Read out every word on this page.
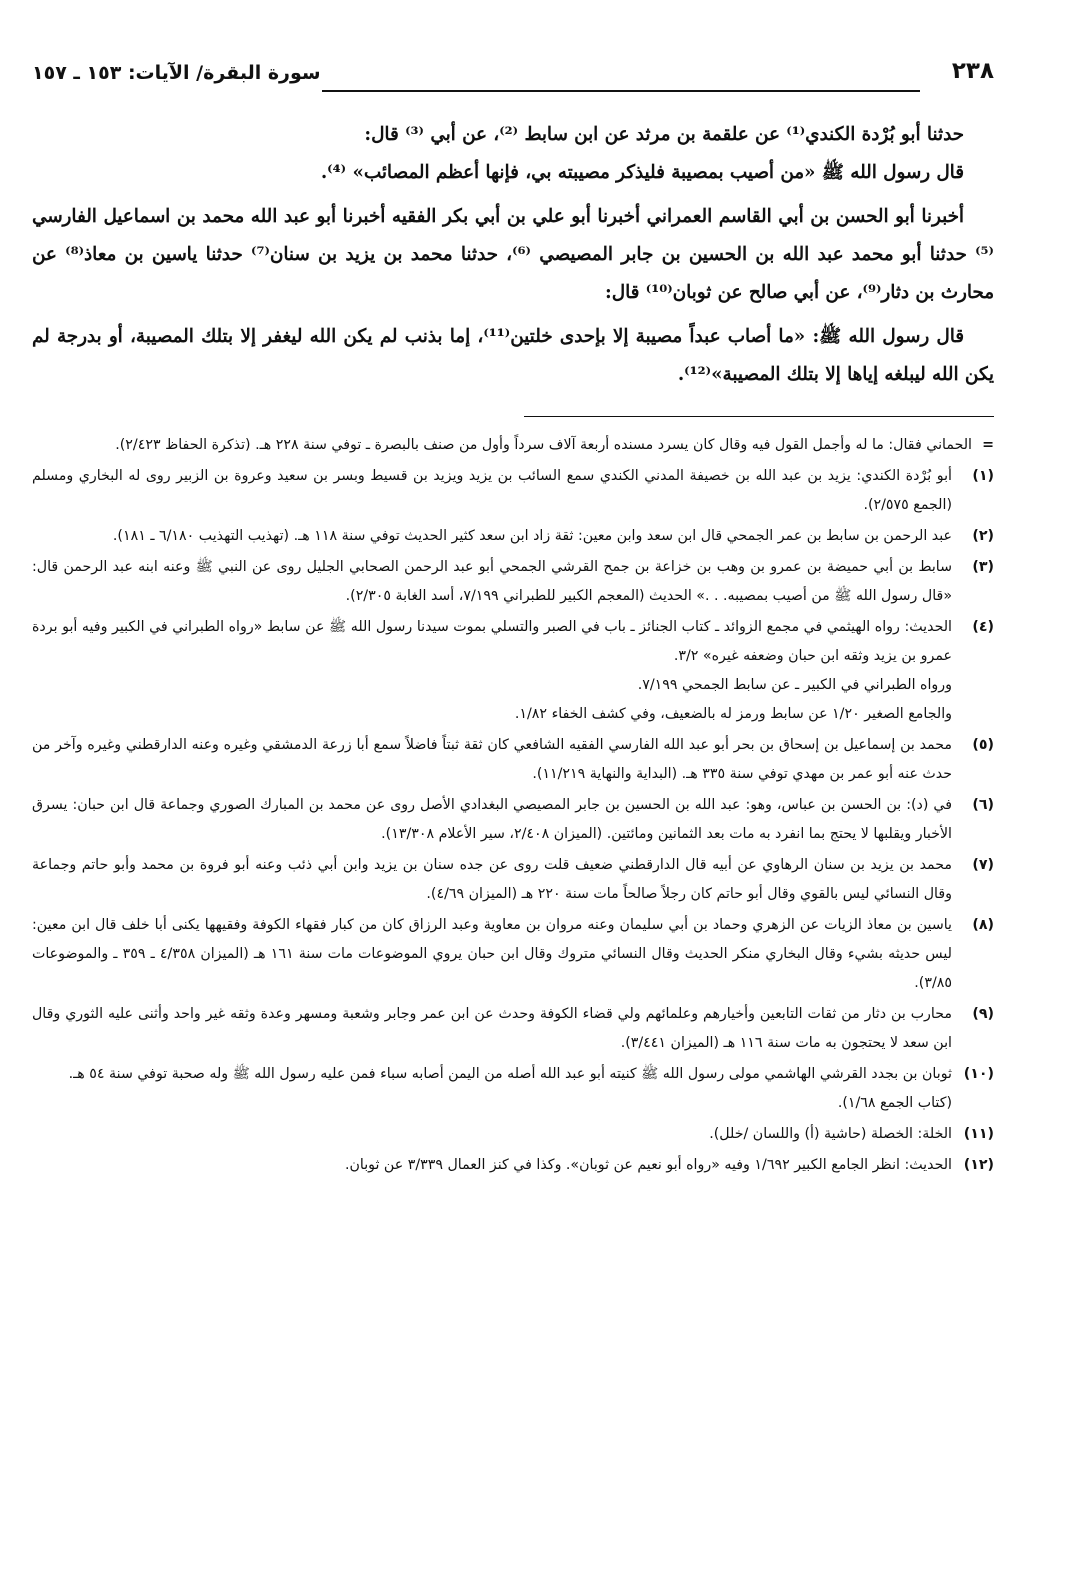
٢٣٨
سورة البقرة/ الآيات: ١٥٣ ـ ١٥٧

حدثنا أبو بُرْدة الكندي⁽¹⁾ عن علقمة بن مرثد عن ابن سابط ⁽²⁾، عن أبي ⁽³⁾ قال:

قال رسول الله ﷺ «من أصيب بمصيبة فليذكر مصيبته بي، فإنها أعظم المصائب» ⁽⁴⁾.

أخبرنا أبو الحسن بن أبي القاسم العمراني أخبرنا أبو علي بن أبي بكر الفقيه أخبرنا أبو عبد الله محمد بن اسماعيل الفارسي ⁽⁵⁾ حدثنا أبو محمد عبد الله بن الحسين بن جابر المصيصي ⁽⁶⁾، حدثنا محمد بن يزيد بن سنان⁽⁷⁾ حدثنا ياسين بن معاذ⁽⁸⁾ عن محارث بن دثار⁽⁹⁾، عن أبي صالح عن ثوبان⁽¹⁰⁾ قال:

قال رسول الله ﷺ: «ما أصاب عبداً مصيبة إلا بإحدى خلتين⁽¹¹⁾، إما بذنب لم يكن الله ليغفر إلا بتلك المصيبة، أو بدرجة لم يكن الله ليبلغه إياها إلا بتلك المصيبة»⁽¹²⁾.

=

الحماني فقال: ما له وأجمل القول فيه وقال كان يسرد مسنده أربعة آلاف سرداً وأول من صنف بالبصرة ـ توفي سنة ٢٢٨ هـ. (تذكرة الحفاظ ٢/٤٢٣).

(١)

أبو بُرْدة الكندي: يزيد بن عبد الله بن خصيفة المدني الكندي سمع السائب بن يزيد ويزيد بن قسيط وبسر بن سعيد وعروة بن الزبير روى له البخاري ومسلم (الجمع ٢/٥٧٥).

(٢)

عبد الرحمن بن سابط بن عمر الجمحي قال ابن سعد وابن معين: ثقة زاد ابن سعد كثير الحديث توفي سنة ١١٨ هـ. (تهذيب التهذيب ٦/١٨٠ ـ ١٨١).

(٣)

سابط بن أبي حميضة بن عمرو بن وهب بن خزاعة بن جمح القرشي الجمحي أبو عبد الرحمن الصحابي الجليل روى عن النبي ﷺ وعنه ابنه عبد الرحمن قال: «قال رسول الله ﷺ من أصيب بمصيبه. . .» الحديث (المعجم الكبير للطبراني ٧/١٩٩، أسد الغابة ٢/٣٠٥).

(٤)

الحديث: رواه الهيثمي في مجمع الزوائد ـ كتاب الجنائز ـ باب في الصبر والتسلي بموت سيدنا رسول الله ﷺ عن سابط «رواه الطبراني في الكبير وفيه أبو بردة عمرو بن يزيد وثقه ابن حبان وضعفه غيره» ٣/٢.

ورواه الطبراني في الكبير ـ عن سابط الجمحي ٧/١٩٩.

والجامع الصغير ١/٢٠ عن سابط ورمز له بالضعيف، وفي كشف الخفاء ١/٨٢.

(٥)

محمد بن إسماعيل بن إسحاق بن بحر أبو عبد الله الفارسي الفقيه الشافعي كان ثقة ثبتاً فاضلاً سمع أبا زرعة الدمشقي وغيره وعنه الدارقطني وغيره وآخر من حدث عنه أبو عمر بن مهدي توفي سنة ٣٣٥ هـ. (البداية والنهاية ١١/٢١٩).

(٦)

في (د): بن الحسن بن عباس، وهو: عبد الله بن الحسين بن جابر المصيصي البغدادي الأصل روى عن محمد بن المبارك الصوري وجماعة قال ابن حبان: يسرق الأخبار ويقلبها لا يحتج بما انفرد به مات بعد الثمانين ومائتين. (الميزان ٢/٤٠٨، سير الأعلام ١٣/٣٠٨).

(٧)

محمد بن يزيد بن سنان الرهاوي عن أبيه قال الدارقطني ضعيف قلت روى عن جده سنان بن يزيد وابن أبي ذئب وعنه أبو فروة بن محمد وأبو حاتم وجماعة وقال النسائي ليس بالقوي وقال أبو حاتم كان رجلاً صالحاً مات سنة ٢٢٠ هـ (الميزان ٤/٦٩).

(٨)

ياسين بن معاذ الزيات عن الزهري وحماد بن أبي سليمان وعنه مروان بن معاوية وعبد الرزاق كان من كبار فقهاء الكوفة وفقيهها يكنى أبا خلف قال ابن معين: ليس حديثه بشيء وقال البخاري منكر الحديث وقال النسائي متروك وقال ابن حبان يروي الموضوعات مات سنة ١٦١ هـ (الميزان ٤/٣٥٨ ـ ٣٥٩ ـ والموضوعات ٣/٨٥).

(٩)

محارب بن دثار من ثقات التابعين وأخيارهم وعلمائهم ولي قضاء الكوفة وحدث عن ابن عمر وجابر وشعبة ومسهر وعدة وثقه غير واحد وأثنى عليه الثوري وقال ابن سعد لا يحتجون به مات سنة ١١٦ هـ (الميزان ٣/٤٤١).

(١٠)

ثوبان بن بجدد القرشي الهاشمي مولى رسول الله ﷺ كنيته أبو عبد الله أصله من اليمن أصابه سباء فمن عليه رسول الله ﷺ وله صحبة توفي سنة ٥٤ هـ.

(كتاب الجمع ١/٦٨).

(١١)

الخلة: الخصلة (حاشية (أ) واللسان /خلل).

(١٢)

الحديث: انظر الجامع الكبير ١/٦٩٢ وفيه «رواه أبو نعيم عن ثوبان». وكذا في كنز العمال ٣/٣٣٩ عن ثوبان.
